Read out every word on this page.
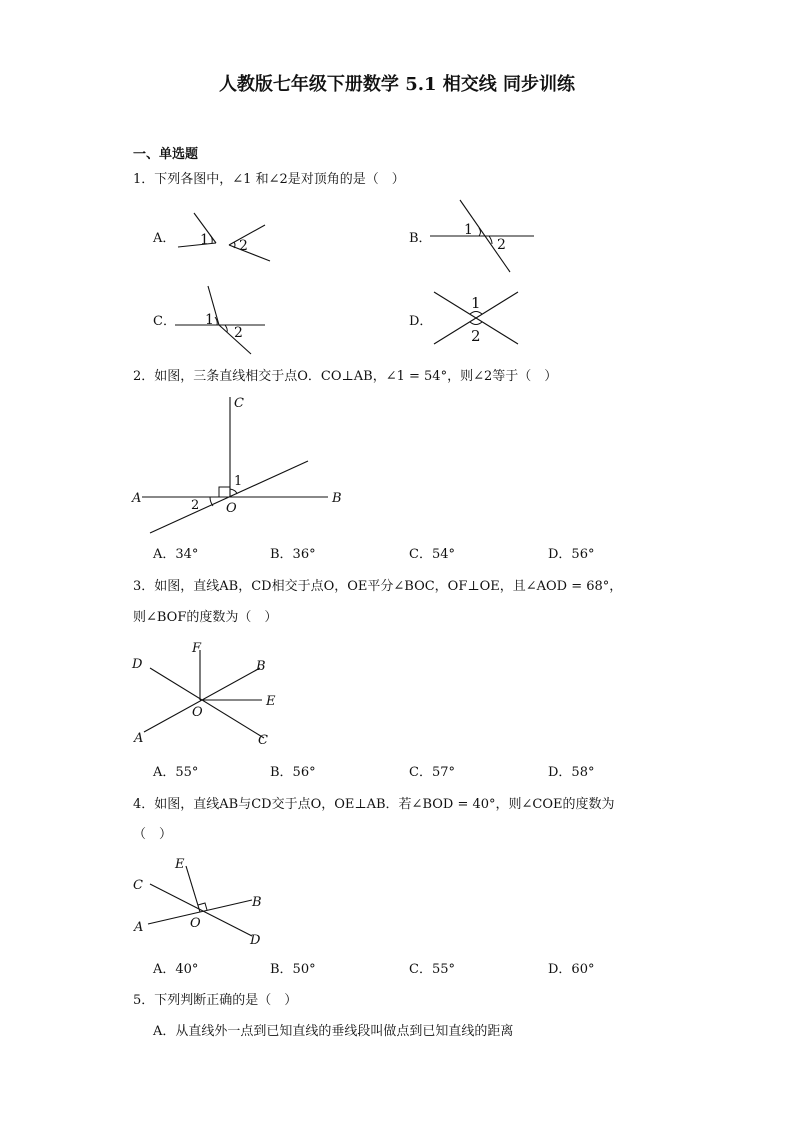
人教版七年级下册数学 5.1 相交线 同步训练
一、单选题
1．下列各图中，∠1 和∠2是对顶角的是（　）
A． 1 2	B．
1
2
C． 1
2
D．
1
2
2．如图，三条直线相交于点O．CO⊥AB，∠1 = 54°，则∠2等于（　）
C
A	B
O
1
2
A．34°	B．36°	C．54°	D．56°
3．如图，直线AB，CD相交于点O，OE平分∠BOC，OF⊥OE，且∠AOD = 68°，
则∠BOF的度数为（　）
D
F
B
E
O
A	C
A．55°	B．56°	C．57°	D．58°
4．如图，直线AB与CD交于点O，OE⊥AB．若∠BOD = 40°，则∠COE的度数为
（　）
E
C
B
A	O
D
A．40°	B．50°	C．55°	D．60°
5．下列判断正确的是（　）
A．从直线外一点到已知直线的垂线段叫做点到已知直线的距离
